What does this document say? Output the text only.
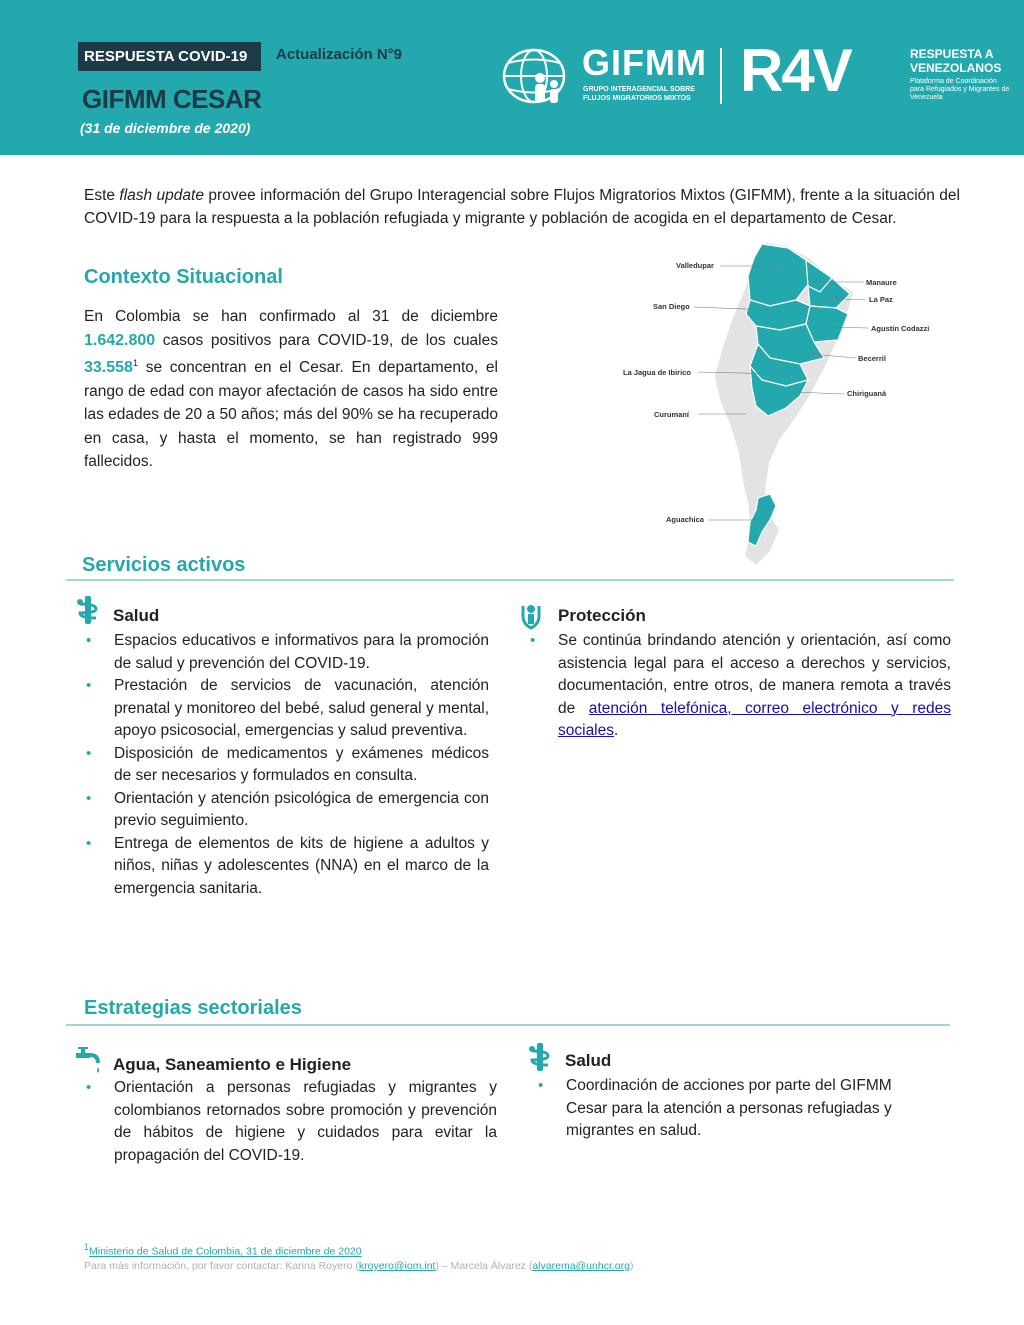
RESPUESTA COVID-19	Actualización N°9
GIFMM CESAR
(31 de diciembre de 2020)
GIFMM
GRUPO INTERAGENCIAL SOBRE FLUJOS MIGRATORIOS MIXTOS R4V	RESPUESTA A VENEZOLANOS
Plataforma de Coordinación para Refugiados y Migrantes de Venezuela

Este flash update provee información del Grupo Interagencial sobre Flujos Migratorios Mixtos (GIFMM), frente a la situación del COVID-19 para la respuesta a la población refugiada y migrante y población de acogida en el departamento de Cesar.

Contexto Situacional

En Colombia se han confirmado al 31 de diciembre 1.642.800 casos positivos para COVID-19, de los cuales 33.558$^1$ se concentran en el Cesar. En departamento, el rango de edad con mayor afectación de casos ha sido entre las edades de 20 a 50 años; más del 90% se ha recuperado en casa, y hasta el momento, se han registrado 999 fallecidos.

Valledupar
Manaure
La Paz
San Diego
Agustín Codazzi
Becerril
La Jagua de Ibirico
Chiriguaná
Curumaní
Aguachica
Servicios activos
Salud
• Espacios educativos e informativos para la promoción de salud y prevención del COVID-19.
• Prestación de servicios de vacunación, atención prenatal y monitoreo del bebé, salud general y mental, apoyo psicosocial, emergencias y salud preventiva.
• Disposición de medicamentos y exámenes médicos de ser necesarios y formulados en consulta.
• Orientación y atención psicológica de emergencia con previo seguimiento.
• Entrega de elementos de kits de higiene a adultos y niños, niñas y adolescentes (NNA) en el marco de la emergencia sanitaria.
Protección
• Se continúa brindando atención y orientación, así como asistencia legal para el acceso a derechos y servicios, documentación, entre otros, de manera remota a través de atención telefónica, correo electrónico y redes sociales.
Estrategias sectoriales
Agua, Saneamiento e Higiene
• Orientación a personas refugiadas y migrantes y colombianos retornados sobre promoción y prevención de hábitos de higiene y cuidados para evitar la propagación del COVID-19.
Salud
• Coordinación de acciones por parte del GIFMM Cesar para la atención a personas refugiadas y migrantes en salud.
$^1$Ministerio de Salud de Colombia, 31 de diciembre de 2020
Para más información, por favor contactar: Karina Royero (kroyero@iom.int) – Marcela Álvarez (alvarema@unhcr.org)
